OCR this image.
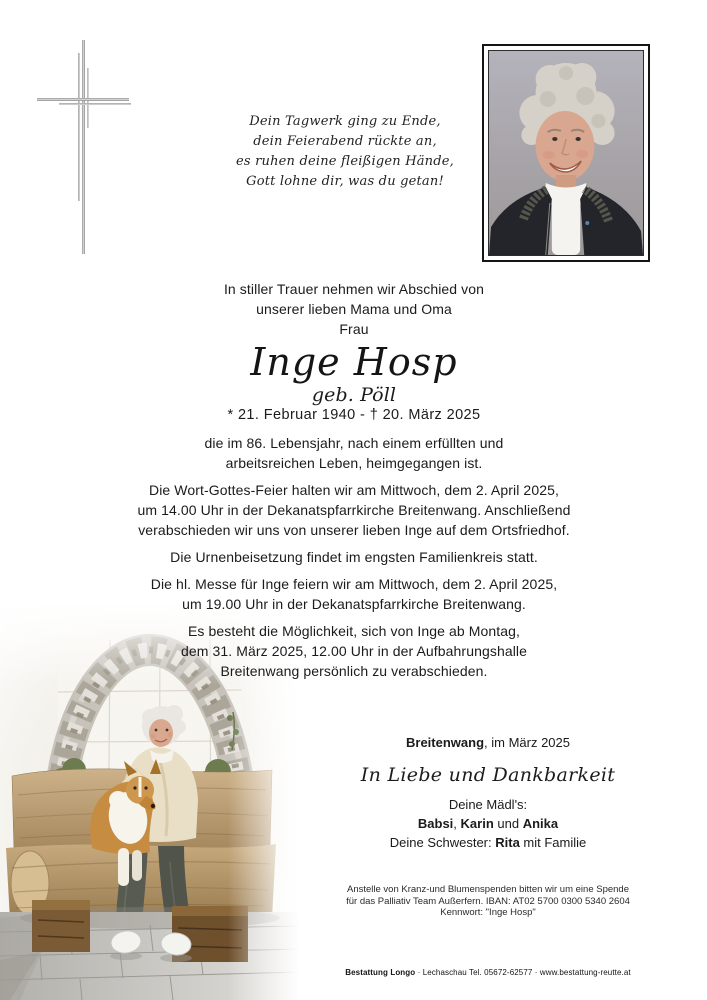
Dein Tagwerk ging zu Ende,
dein Feierabend rückte an,
es ruhen deine fleißigen Hände,
Gott lohne dir, was du getan!
In stiller Trauer nehmen wir Abschied von
unserer lieben Mama und Oma
Frau
Inge Hosp
geb. Pöll
* 21. Februar 1940 - † 20. März 2025
die im 86. Lebensjahr, nach einem erfüllten und
arbeitsreichen Leben, heimgegangen ist.
Die Wort-Gottes-Feier halten wir am Mittwoch, dem 2. April 2025,
um 14.00 Uhr in der Dekanatspfarrkirche Breitenwang. Anschließend
verabschieden wir uns von unserer lieben Inge auf dem Ortsfriedhof.
Die Urnenbeisetzung findet im engsten Familienkreis statt.
Die hl. Messe für Inge feiern wir am Mittwoch, dem 2. April 2025,
um 19.00 Uhr in der Dekanatspfarrkirche Breitenwang.
Es besteht die Möglichkeit, sich von Inge ab Montag,
dem 31. März 2025, 12.00 Uhr in der Aufbahrungshalle
Breitenwang persönlich zu verabschieden.
Breitenwang, im März 2025
In Liebe und Dankbarkeit
Deine Mädl's:
Babsi, Karin und Anika
Deine Schwester: Rita mit Familie
Anstelle von Kranz-und Blumenspenden bitten wir um eine Spende
für das Palliativ Team Außerfern. IBAN: AT02 5700 0300 5340 2604
Kennwort: "Inge Hosp"
Bestattung Longo · Lechaschau Tel. 05672-62577 · www.bestattung-reutte.at
